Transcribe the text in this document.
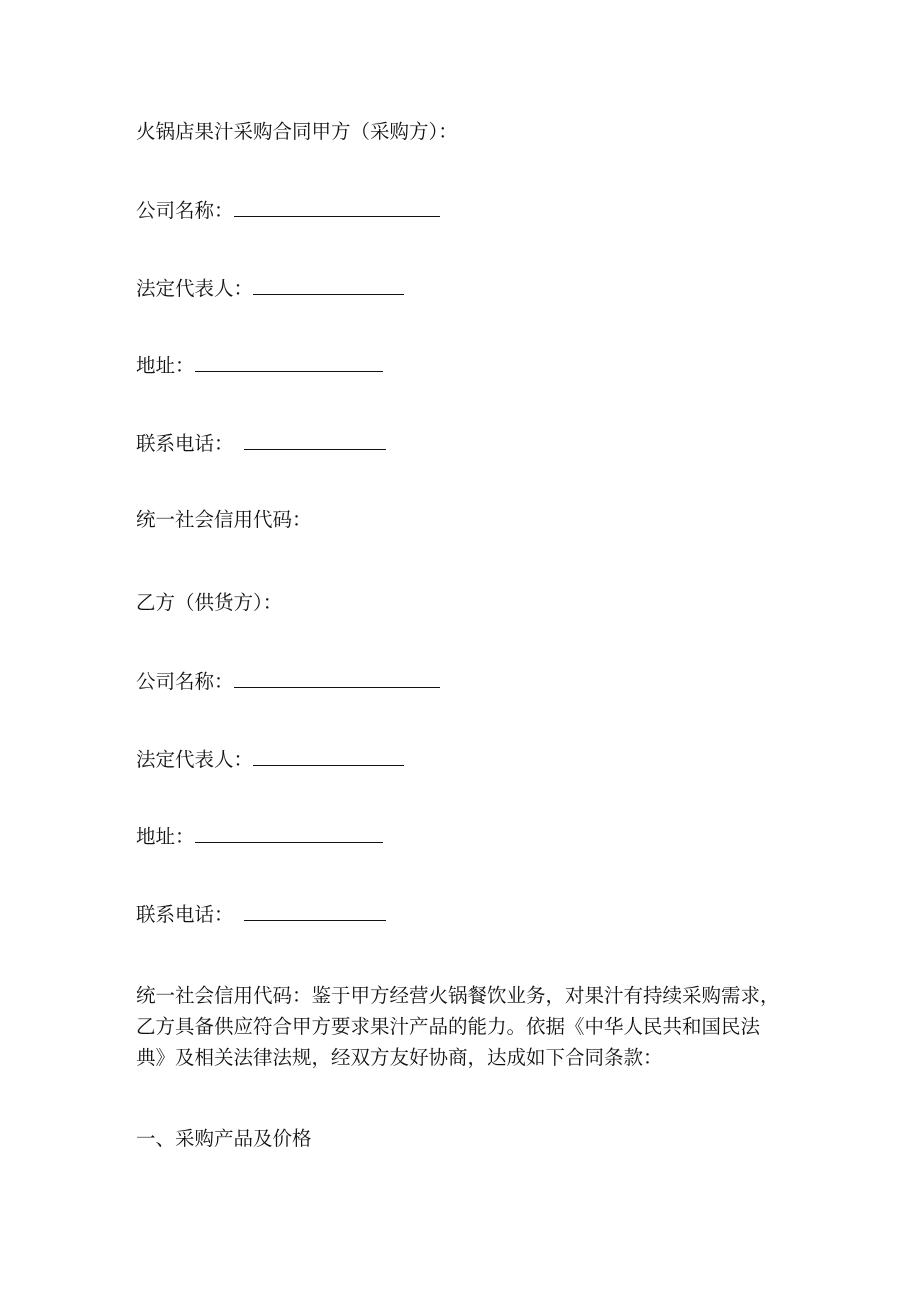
火锅店果汁采购合同甲方（采购方）：
公司名称：
法定代表人：
地址：
联系电话：
统一社会信用代码：
乙方（供货方）：
公司名称：
法定代表人：
地址：
联系电话：
统一社会信用代码：鉴于甲方经营火锅餐饮业务，对果汁有持续采购需求，
乙方具备供应符合甲方要求果汁产品的能力。依据《中华人民共和国民法
典》及相关法律法规，经双方友好协商，达成如下合同条款：
一、采购产品及价格
